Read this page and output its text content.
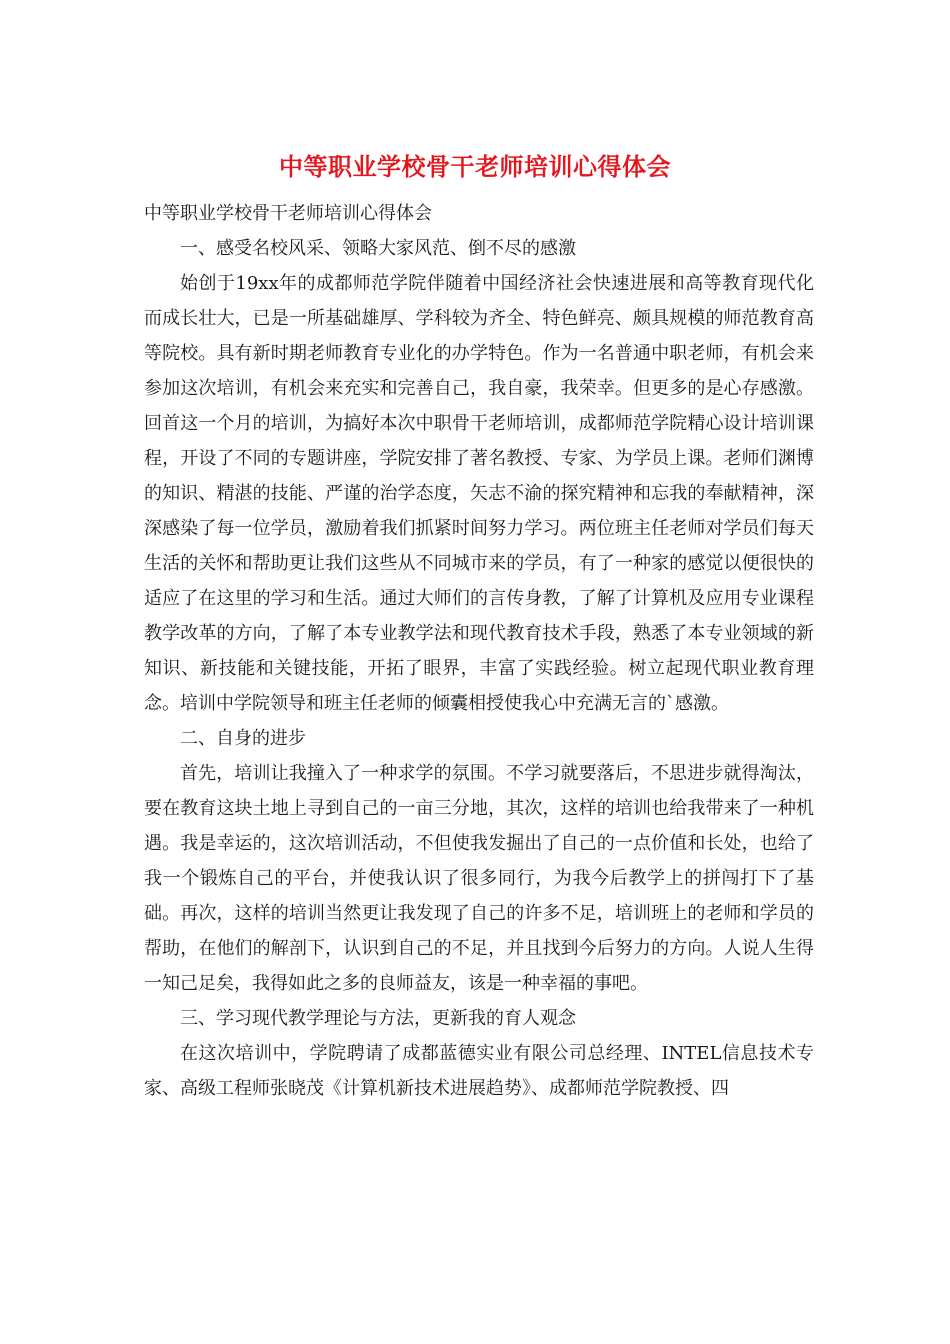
中等职业学校骨干老师培训心得体会

中等职业学校骨干老师培训心得体会

一、感受名校风采、领略大家风范、倒不尽的感激

始创于19xx年的成都师范学院伴随着中国经济社会快速进展和高等教育现代化而成长壮大，已是一所基础雄厚、学科较为齐全、特色鲜亮、颇具规模的师范教育高等院校。具有新时期老师教育专业化的办学特色。作为一名普通中职老师，有机会来参加这次培训，有机会来充实和完善自己，我自豪，我荣幸。但更多的是心存感激。回首这一个月的培训，为搞好本次中职骨干老师培训，成都师范学院精心设计培训课程，开设了不同的专题讲座，学院安排了著名教授、专家、为学员上课。老师们渊博的知识、精湛的技能、严谨的治学态度，矢志不渝的探究精神和忘我的奉献精神，深深感染了每一位学员，激励着我们抓紧时间努力学习。两位班主任老师对学员们每天生活的关怀和帮助更让我们这些从不同城市来的学员，有了一种家的感觉以便很快的适应了在这里的学习和生活。通过大师们的言传身教，了解了计算机及应用专业课程教学改革的方向，了解了本专业教学法和现代教育技术手段，熟悉了本专业领域的新知识、新技能和关键技能，开拓了眼界，丰富了实践经验。树立起现代职业教育理念。培训中学院领导和班主任老师的倾囊相授使我心中充满无言的`感激。

二、自身的进步

首先，培训让我撞入了一种求学的氛围。不学习就要落后，不思进步就得淘汰，要在教育这块土地上寻到自己的一亩三分地，其次，这样的培训也给我带来了一种机遇。我是幸运的，这次培训活动，不但使我发掘出了自己的一点价值和长处，也给了我一个锻炼自己的平台，并使我认识了很多同行，为我今后教学上的拼闯打下了基础。再次，这样的培训当然更让我发现了自己的许多不足，培训班上的老师和学员的帮助，在他们的解剖下，认识到自己的不足，并且找到今后努力的方向。人说人生得一知己足矣，我得如此之多的良师益友，该是一种幸福的事吧。

三、学习现代教学理论与方法，更新我的育人观念

在这次培训中，学院聘请了成都蓝德实业有限公司总经理、INTEL信息技术专家、高级工程师张晓茂《计算机新技术进展趋势》、成都师范学院教授、四
